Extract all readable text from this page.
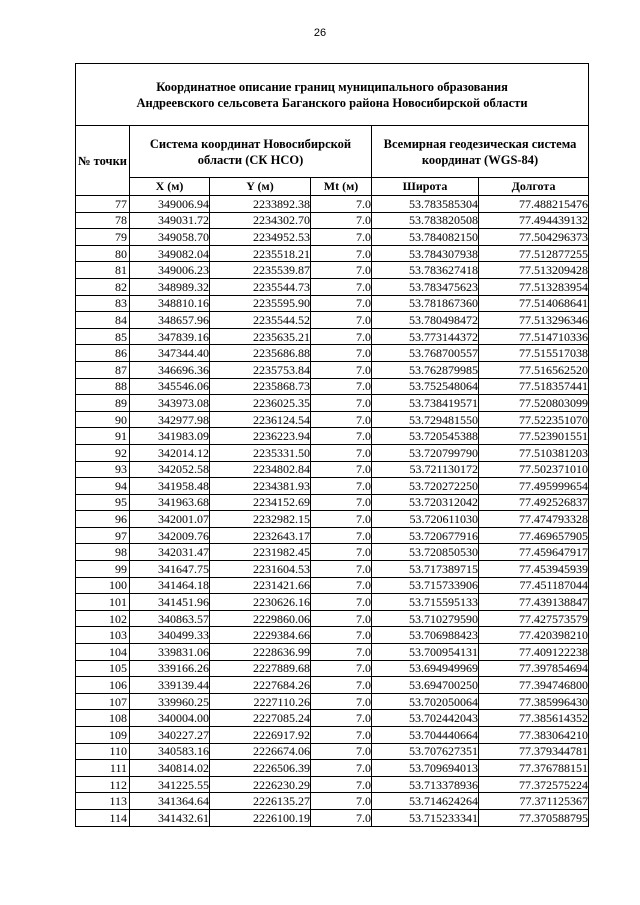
26
Координатное описание границ муниципального образования
Андреевского сельсовета Баганского района Новосибирской области					

№ точки	Система координат Новосибирской области (СК НСО)			Всемирная геодезическая система координат (WGS-84)	
	X (м)	Y (м)	Mt (м)	Широта	Долгота
77	349006.94	2233892.38	7.0	53.783585304	77.488215476
78	349031.72	2234302.70	7.0	53.783820508	77.494439132
79	349058.70	2234952.53	7.0	53.784082150	77.504296373
80	349082.04	2235518.21	7.0	53.784307938	77.512877255
81	349006.23	2235539.87	7.0	53.783627418	77.513209428
82	348989.32	2235544.73	7.0	53.783475623	77.513283954
83	348810.16	2235595.90	7.0	53.781867360	77.514068641
84	348657.96	2235544.52	7.0	53.780498472	77.513296346
85	347839.16	2235635.21	7.0	53.773144372	77.514710336
86	347344.40	2235686.88	7.0	53.768700557	77.515517038
87	346696.36	2235753.84	7.0	53.762879985	77.516562520
88	345546.06	2235868.73	7.0	53.752548064	77.518357441
89	343973.08	2236025.35	7.0	53.738419571	77.520803099
90	342977.98	2236124.54	7.0	53.729481550	77.522351070
91	341983.09	2236223.94	7.0	53.720545388	77.523901551
92	342014.12	2235331.50	7.0	53.720799790	77.510381203
93	342052.58	2234802.84	7.0	53.721130172	77.502371010
94	341958.48	2234381.93	7.0	53.720272250	77.495999654
95	341963.68	2234152.69	7.0	53.720312042	77.492526837
96	342001.07	2232982.15	7.0	53.720611030	77.474793328
97	342009.76	2232643.17	7.0	53.720677916	77.469657905
98	342031.47	2231982.45	7.0	53.720850530	77.459647917
99	341647.75	2231604.53	7.0	53.717389715	77.453945939
100	341464.18	2231421.66	7.0	53.715733906	77.451187044
101	341451.96	2230626.16	7.0	53.715595133	77.439138847
102	340863.57	2229860.06	7.0	53.710279590	77.427573579
103	340499.33	2229384.66	7.0	53.706988423	77.420398210
104	339831.06	2228636.99	7.0	53.700954131	77.409122238
105	339166.26	2227889.68	7.0	53.694949969	77.397854694
106	339139.44	2227684.26	7.0	53.694700250	77.394746800
107	339960.25	2227110.26	7.0	53.702050064	77.385996430
108	340004.00	2227085.24	7.0	53.702442043	77.385614352
109	340227.27	2226917.92	7.0	53.704440664	77.383064210
110	340583.16	2226674.06	7.0	53.707627351	77.379344781
111	340814.02	2226506.39	7.0	53.709694013	77.376788151
112	341225.55	2226230.29	7.0	53.713378936	77.372575224
113	341364.64	2226135.27	7.0	53.714624264	77.371125367
114	341432.61	2226100.19	7.0	53.715233341	77.370588795
